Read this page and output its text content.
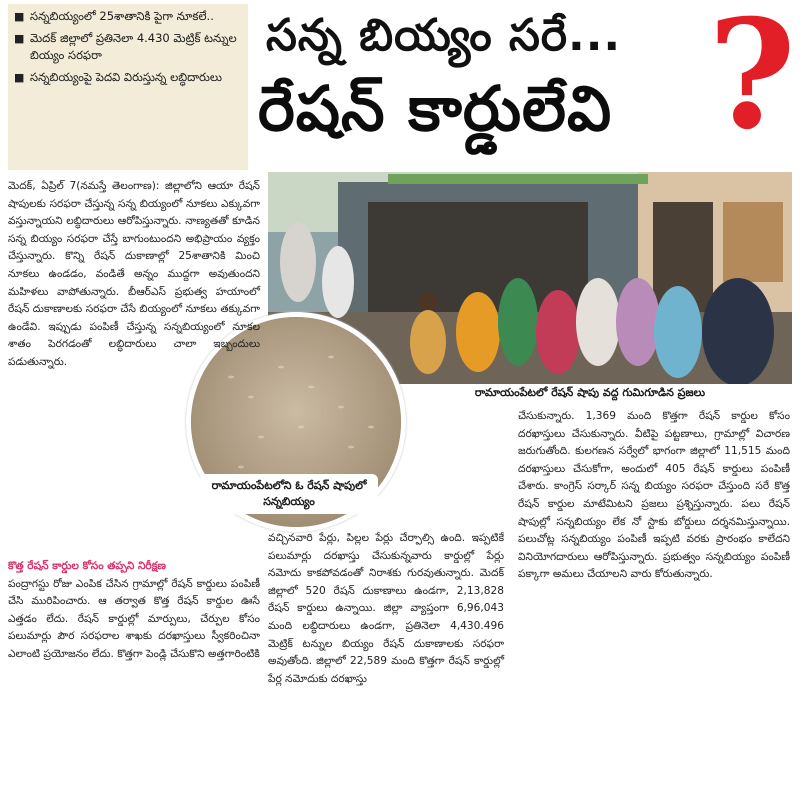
■ సన్నబియ్యంలో 25శాతానికి పైగా నూకలే..
■ మెదక్ జిల్లాలో ప్రతినెలా 4.430 మెట్రిక్ టన్నుల బియ్యం సరఫరా
■ సన్నబియ్యంపై పెదవి విరుస్తున్న లబ్ధిదారులు
సన్న బియ్యం సరే...
రేషన్ కార్డులేవి ?
రామాయంపేటలో రేషన్ షాపు వద్ద గుమిగూడిన ప్రజలు
రామాయంపేటలోని ఓ రేషన్ షాపులో సన్నబియ్యం

మెదక్, ఏప్రిల్ 7(నమస్తే తెలంగాణ): జిల్లాలోని ఆయా రేషన్ షాపులకు సరఫరా చేస్తున్న సన్న బియ్యంలో నూకలు ఎక్కువగా వస్తున్నాయని లబ్ధిదారులు ఆరోపిస్తున్నారు. నాణ్యతతో కూడిన సన్న బియ్యం సరఫరా చేస్తే బాగుంటుందని అభిప్రాయం వ్యక్తం చేస్తున్నారు. కొన్ని రేషన్ దుకాణాల్లో 25శాతానికి మించి నూకలు ఉండడం, వండితే అన్నం ముద్దగా అవుతుందని మహిళలు వాపోతున్నారు. బీఆర్ఎస్ ప్రభుత్వ హయాంలో రేషన్ దుకాణాలకు సరఫరా చేసే బియ్యంలో నూకలు తక్కువగా ఉండేవి. ఇప్పుడు పంపిణీ చేస్తున్న సన్నబియ్యంలో నూకల శాతం పెరగడంతో లబ్ధిదారులు చాలా ఇబ్బందులు పడుతున్నారు.

కొత్త రేషన్ కార్డుల కోసం తప్పని నిరీక్షణ

పంద్రాగస్టు రోజు ఎంపిక చేసిన గ్రామాల్లో రేషన్ కార్డులు పంపిణీ చేసి మురిపించారు. ఆ తర్వాత కొత్త రేషన్ కార్డుల ఊసే ఎత్తడం లేదు. రేషన్ కార్డుల్లో మార్పులు, చేర్పుల కోసం పలుమార్లు పౌర సరఫరాల శాఖకు దరఖాస్తులు స్వీకరించినా ఎలాంటి ప్రయోజనం లేదు. కొత్తగా పెండ్లి చేసుకొని అత్తగారింటికి

వచ్చినవారి పేర్లు, పిల్లల పేర్లు చేర్పాల్సి ఉంది. ఇప్పటికే పలుమార్లు దరఖాస్తు చేసుకున్నవారు కార్డుల్లో పేర్లు నమోదు కాకపోవడంతో నిరాశకు గురవుతున్నారు. మెదక్ జిల్లాలో 520 రేషన్ దుకాణాలు ఉండగా, 2,13,828 రేషన్ కార్డులు ఉన్నాయి. జిల్లా వ్యాప్తంగా 6,96,043 మంది లబ్ధిదారులు ఉండగా, ప్రతినెలా 4,430.496 మెట్రిక్ టన్నుల బియ్యం రేషన్ దుకాణాలకు సరఫరా అవుతోంది. జిల్లాలో 22,589 మంది కొత్తగా రేషన్ కార్డుల్లో పేర్ల నమోదుకు దరఖాస్తు

చేసుకున్నారు. 1,369 మంది కొత్తగా రేషన్ కార్డుల కోసం దరఖాస్తులు చేసుకున్నారు. వీటిపై పట్టణాలు, గ్రామాల్లో విచారణ జరుగుతోంది. కులగణన సర్వేలో భాగంగా జిల్లాలో 11,515 మంది దరఖాస్తులు చేసుకోగా, అందులో 405 రేషన్ కార్డులు పంపిణీ చేశారు. కాంగ్రెస్ సర్కార్ సన్న బియ్యం సరఫరా చేస్తుంది సరే కొత్త రేషన్ కార్డుల మాటేమిటని ప్రజలు ప్రశ్నిస్తున్నారు. పలు రేషన్ షాపుల్లో సన్నబియ్యం లేక నో స్టాకు బోర్డులు దర్శనమిస్తున్నాయి. పలుచోట్ల సన్నబియ్యం పంపిణీ ఇప్పటి వరకు ప్రారంభం కాలేదని వినియోగదారులు ఆరోపిస్తున్నారు. ప్రభుత్వం సన్నబియ్యం పంపిణీ పక్కాగా అమలు చేయాలని వారు కోరుతున్నారు.
